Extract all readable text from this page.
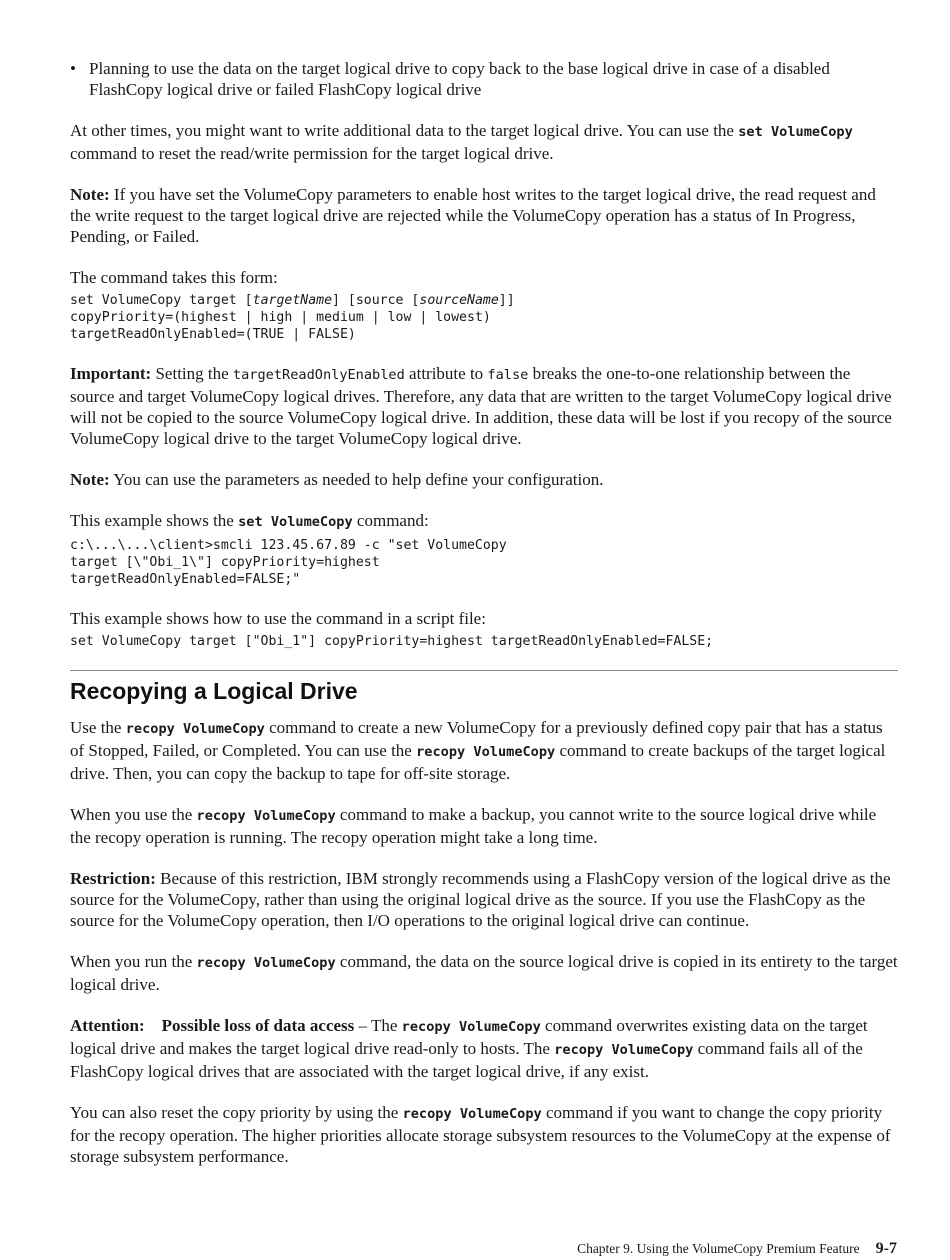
• Planning to use the data on the target logical drive to copy back to the base logical drive in case of a disabled FlashCopy logical drive or failed FlashCopy logical drive

At other times, you might want to write additional data to the target logical drive. You can use the set VolumeCopy command to reset the read/write permission for the target logical drive.

Note: If you have set the VolumeCopy parameters to enable host writes to the target logical drive, the read request and the write request to the target logical drive are rejected while the VolumeCopy operation has a status of In Progress, Pending, or Failed.

The command takes this form:

set VolumeCopy target [targetName] [source [sourceName]]
copyPriority=(highest | high | medium | low | lowest)
targetReadOnlyEnabled=(TRUE | FALSE)

Important: Setting the targetReadOnlyEnabled attribute to false breaks the one-to-one relationship between the source and target VolumeCopy logical drives. Therefore, any data that are written to the target VolumeCopy logical drive will not be copied to the source VolumeCopy logical drive. In addition, these data will be lost if you recopy of the source VolumeCopy logical drive to the target VolumeCopy logical drive.

Note: You can use the parameters as needed to help define your configuration.

This example shows the set VolumeCopy command:

c:\...\...\client>smcli 123.45.67.89 -c "set VolumeCopy
target [\"Obi_1\"] copyPriority=highest
targetReadOnlyEnabled=FALSE;"

This example shows how to use the command in a script file:

set VolumeCopy target ["Obi_1"] copyPriority=highest targetReadOnlyEnabled=FALSE;
Recopying a Logical Drive

Use the recopy VolumeCopy command to create a new VolumeCopy for a previously defined copy pair that has a status of Stopped, Failed, or Completed. You can use the recopy VolumeCopy command to create backups of the target logical drive. Then, you can copy the backup to tape for off-site storage.

When you use the recopy VolumeCopy command to make a backup, you cannot write to the source logical drive while the recopy operation is running. The recopy operation might take a long time.

Restriction: Because of this restriction, IBM strongly recommends using a FlashCopy version of the logical drive as the source for the VolumeCopy, rather than using the original logical drive as the source. If you use the FlashCopy as the source for the VolumeCopy operation, then I/O operations to the original logical drive can continue.

When you run the recopy VolumeCopy command, the data on the source logical drive is copied in its entirety to the target logical drive.

Attention: Possible loss of data access – The recopy VolumeCopy command overwrites existing data on the target logical drive and makes the target logical drive read-only to hosts. The recopy VolumeCopy command fails all of the FlashCopy logical drives that are associated with the target logical drive, if any exist.

You can also reset the copy priority by using the recopy VolumeCopy command if you want to change the copy priority for the recopy operation. The higher priorities allocate storage subsystem resources to the VolumeCopy at the expense of storage subsystem performance.

Chapter 9. Using the VolumeCopy Premium Feature 9-7
